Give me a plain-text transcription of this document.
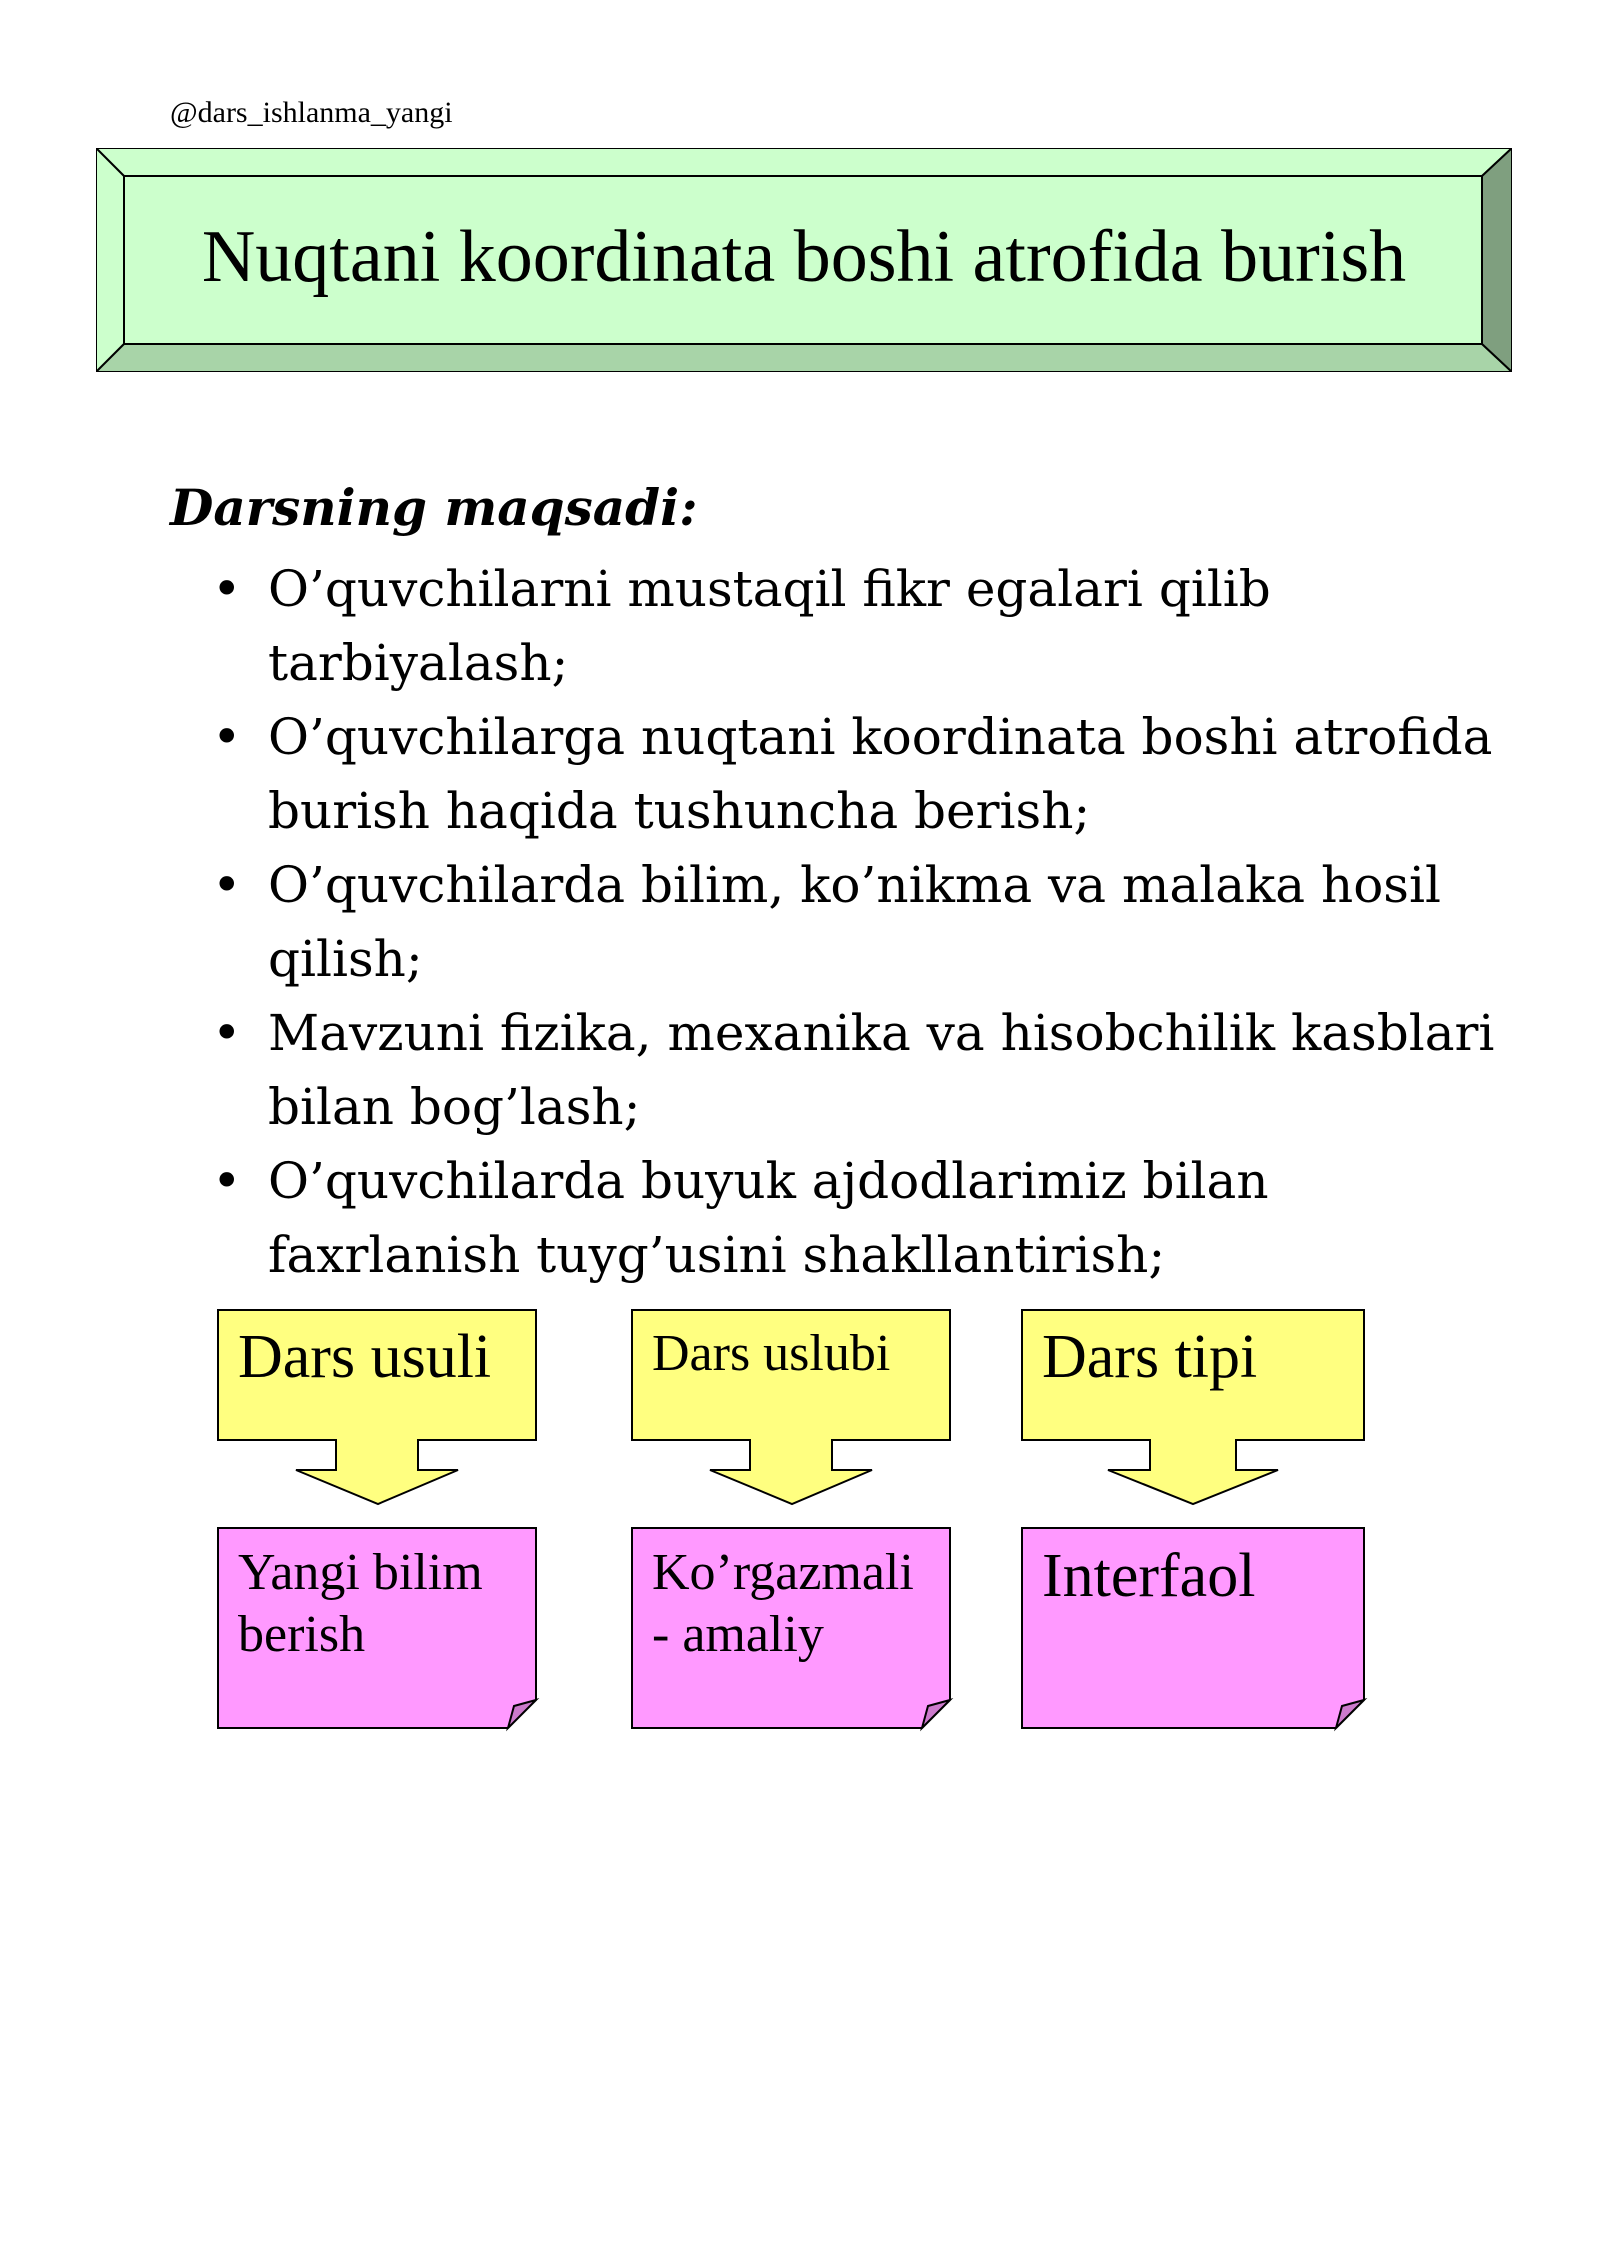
@dars_ishlanma_yangi
Nuqtani koordinata boshi atrofida burish
Darsning maqsadi:
• O’quvchilarni mustaqil fikr egalari qilib tarbiyalash;
• O’quvchilarga nuqtani koordinata boshi atrofida burish haqida tushuncha berish;
• O’quvchilarda bilim, ko’nikma va malaka hosil qilish;
• Mavzuni fizika, mexanika va hisobchilik kasblari bilan bog’lash;
• O’quvchilarda buyuk ajdodlarimiz bilan faxrlanish tuyg’usini shakllantirish;
Dars usuli
Yangi bilim
berish
Dars uslubi
Ko’rgazmali
- amaliy
Dars tipi
Interfaol
